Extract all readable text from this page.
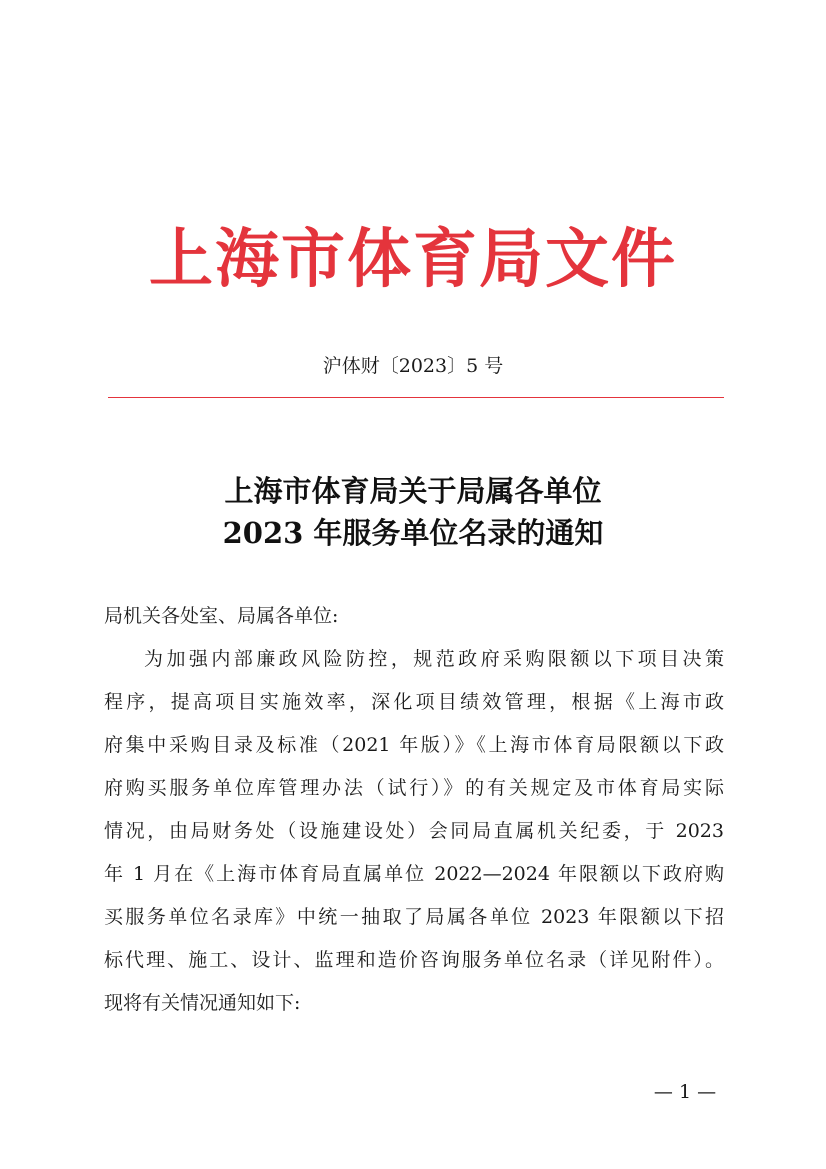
上海市体育局文件
沪体财〔2023〕5 号
上海市体育局关于局属各单位
2023 年服务单位名录的通知
局机关各处室、局属各单位:
为加强内部廉政风险防控，规范政府采购限额以下项目决策
程序，提高项目实施效率，深化项目绩效管理，根据《上海市政
府集中采购目录及标准（2021 年版）》《上海市体育局限额以下政
府购买服务单位库管理办法（试行）》的有关规定及市体育局实际
情况，由局财务处（设施建设处）会同局直属机关纪委，于 2023
年 1 月在《上海市体育局直属单位 2022—2024 年限额以下政府购
买服务单位名录库》中统一抽取了局属各单位 2023 年限额以下招
标代理、施工、设计、监理和造价咨询服务单位名录（详见附件）。
现将有关情况通知如下:
— 1 —
